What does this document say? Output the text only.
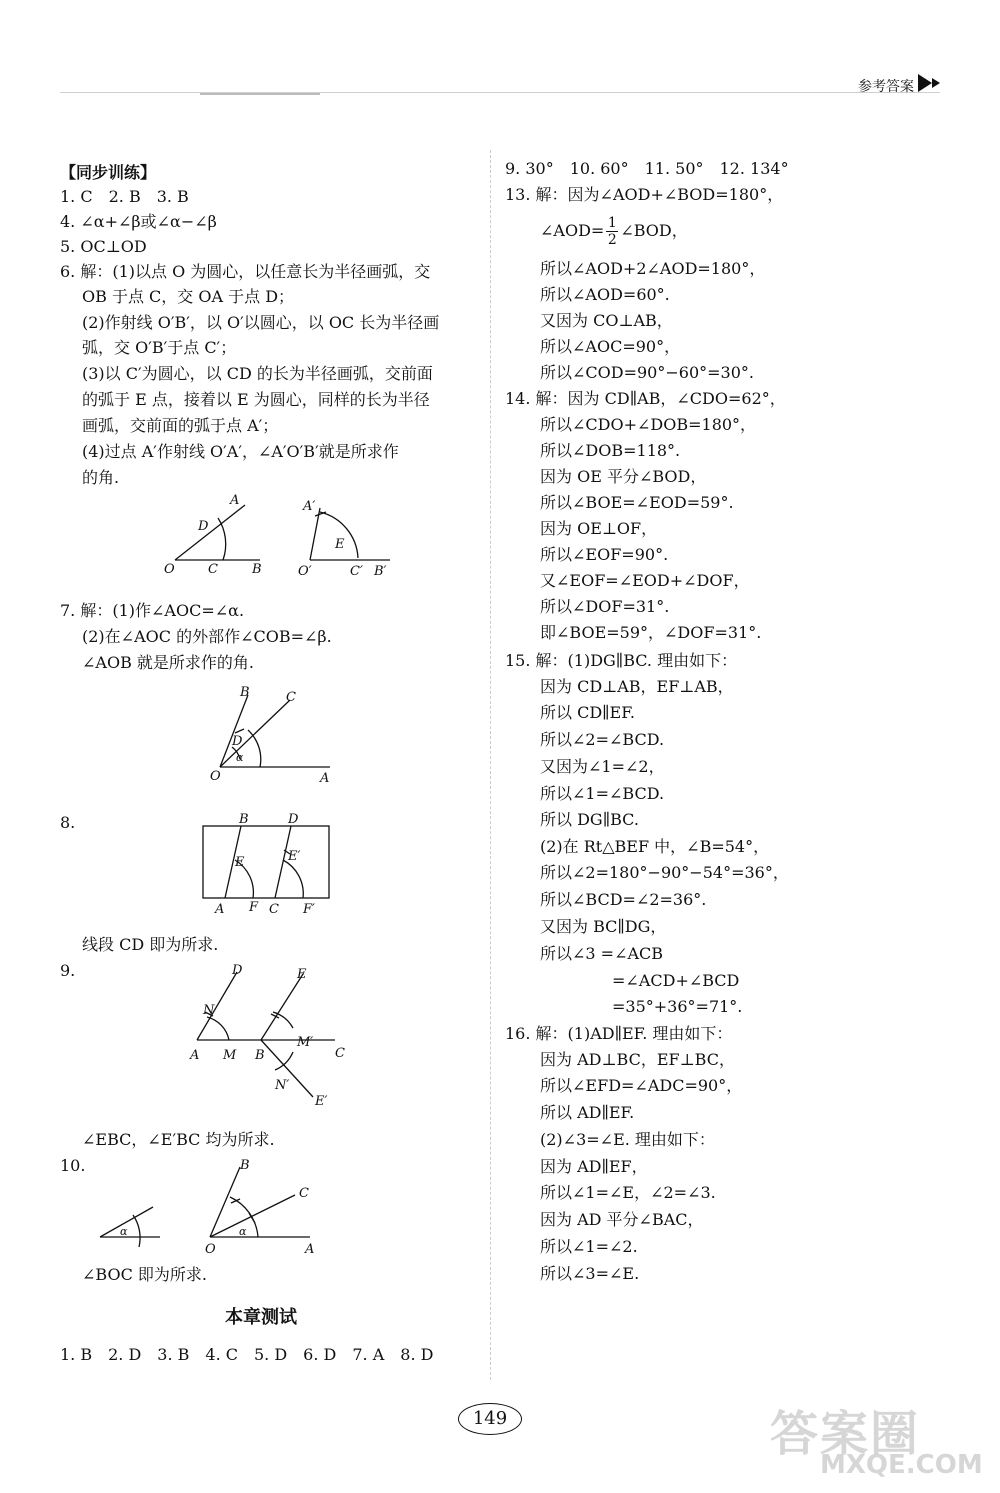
参考答案
【同步训练】
1. C　2. B　3. B
4. ∠α+∠β或∠α−∠β
5. OC⊥OD
6. 解：(1)以点 O 为圆心，以任意长为半径画弧，交
OB 于点 C，交 OA 于点 D；
(2)作射线 O′B′，以 O′以圆心，以 OC 长为半径画
弧，交 O′B′于点 C′；
(3)以 C′为圆心，以 CD 的长为半径画弧，交前面
的弧于 E 点，接着以 E 为圆心，同样的长为半径
画弧，交前面的弧于点 A′；
(4)过点 A′作射线 O′A′，∠A′O′B′就是所求作
的角.
A
D
O	C	B
A′
E
O′	C′ B′
7. 解：(1)作∠AOC=∠α.
(2)在∠AOC 的外部作∠COB=∠β.
∠AOB 就是所求作的角.
B	C
D
O
α
A
8.	B	D
E	E′
A F C F′
线段 CD 即为所求.
9.	D	E
N
A M B
M′
C
N′
E′
∠EBC，∠E′BC 均为所求.
10.
α
B
C
O
α
A
∠BOC 即为所求.
本章测试
1. B　2. D　3. B　4. C　5. D　6. D　7. A　8. D
9. 30°　10. 60°　11. 50°　12. 134°
13. 解：因为∠AOD+∠BOD=180°，
∠AOD= $\frac{1}{2}$ ∠BOD，
所以∠AOD+2∠AOD=180°，
所以∠AOD=60°.
又因为 CO⊥AB，
所以∠AOC=90°，
所以∠COD=90°−60°=30°.
14. 解：因为 CD∥AB，∠CDO=62°，
所以∠CDO+∠DOB=180°，
所以∠DOB=118°.
因为 OE 平分∠BOD，
所以∠BOE=∠EOD=59°.
因为 OE⊥OF，
所以∠EOF=90°.
又∠EOF=∠EOD+∠DOF，
所以∠DOF=31°.
即∠BOE=59°，∠DOF=31°.
15. 解：(1)DG∥BC. 理由如下：
因为 CD⊥AB，EF⊥AB，
所以 CD∥EF.
所以∠2=∠BCD.
又因为∠1=∠2，
所以∠1=∠BCD.
所以 DG∥BC.
(2)在 Rt△BEF 中，∠B=54°，
所以∠2=180°−90°−54°=36°，
所以∠BCD=∠2=36°.
又因为 BC∥DG，
所以∠3 =∠ACB
=∠ACD+∠BCD
=35°+36°=71°.
16. 解：(1)AD∥EF. 理由如下：
因为 AD⊥BC，EF⊥BC，
所以∠EFD=∠ADC=90°，
所以 AD∥EF.
(2)∠3=∠E. 理由如下：
因为 AD∥EF，
所以∠1=∠E，∠2=∠3.
因为 AD 平分∠BAC，
所以∠1=∠2.
所以∠3=∠E.
149	答案圈
MXQE.COM
